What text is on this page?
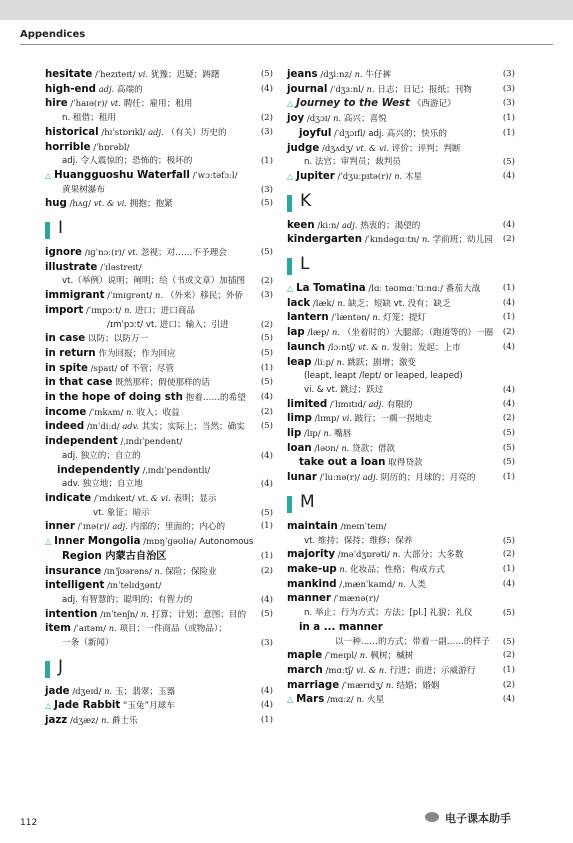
Appendices
hesitate /ˈhezɪteɪt/ vi. 犹豫；迟疑；踌躇	(5)
high-end adj. 高端的	(4)
hire /ˈhaɪə(r)/ vt. 聘任；雇用；租用
n. 租借；租用	(2)
historical /hɪˈstɒrɪkl/ adj. （有关）历史的	(3)
horrible /ˈhɒrəbl/
adj. 令人震惊的；恐怖的；极坏的	(1)
△ Huangguoshu Waterfall /ˈwɔːtəfɔːl/
黄果树瀑布	(3)
hug /hʌɡ/ vt. & vi. 拥抱；抱紧	(5)
I
ignore /ɪɡˈnɔː(r)/ vt. 忽视；对……不予理会	(5)
illustrate /ˈɪləstreɪt/
vt.（举例）说明；阐明；给（书或文章）加插图 (2)
immigrant /ˈɪmɪɡrənt/ n. （外来）移民；外侨 (3)
import /ˈɪmpɔːt/ n. 进口；进口商品
/ɪmˈpɔːt/ vt. 进口；输入；引进	(2)
in case 以防；以防万一	(5)
in return 作为回报；作为回应	(5)
in spite /spaɪt/ of 不管；尽管	(1)
in that case 既然那样；假使那样的话	(5)
in the hope of doing sth 抱着……的希望 (4)
income /ˈɪnkʌm/ n. 收入；收益	(2)
indeed /ɪnˈdiːd/ adv. 其实；实际上；当然；确实 (5)
independent /ˌɪndɪˈpendənt/
adj. 独立的；自立的	(4)
independently /ˌɪndɪˈpendəntli/
adv. 独立地；自立地	(4)
indicate /ˈɪndɪkeɪt/ vt. & vi. 表明；显示
vt. 象征；暗示	(5)
inner /ˈɪnə(r)/ adj. 内部的；里面的；内心的	(1)
△ Inner Mongolia /mɒŋˈɡəʊliə/ Autonomous
Region 内蒙古自治区	(1)
insurance /ɪnˈʃʊərəns/ n. 保险；保险业	(2)
intelligent /ɪnˈtelɪdʒənt/
adj. 有智慧的；聪明的；有智力的	(4)
intention /ɪnˈtenʃn/ n. 打算；计划；意图；目的 (5)
item /ˈaɪtəm/ n. 项目；一件商品（或物品）；
一条（新闻）	(3)
J
jade /dʒeɪd/ n. 玉；翡翠；玉器	(4)
△ Jade Rabbit “玉兔”月球车	(4)
jazz /dʒæz/ n. 爵士乐	(1)
jeans /dʒiːnz/ n. 牛仔裤	(3)
journal /ˈdʒɜːnl/ n. 日志；日记；报纸；刊物	(3)
△ Journey to the West 《西游记》	(3)
joy /dʒɔɪ/ n. 高兴；喜悦	(1)
joyful /ˈdʒɔɪfl/ adj. 高兴的；快乐的	(1)
judge /dʒʌdʒ/ vt. & vi. 评价；评判；判断
n. 法官；审判员；裁判员	(5)
△ Jupiter /ˈdʒuːpɪtə(r)/ n. 木星	(4)
K
keen /kiːn/ adj. 热衷的；渴望的	(4)
kindergarten /ˈkɪndəɡɑːtn/ n. 学前班；幼儿园 (2)
L
△ La Tomatina /lɑː təʊmɑːˈtiːnɑː/ 番茄大战	(1)
lack /læk/ n. 缺乏；短缺 vt. 没有；缺乏	(4)
lantern /ˈlæntən/ n. 灯笼；提灯	(1)
lap /læp/ n. （坐着时的）大腿部；（跑道等的）一圈 (2)
launch /lɔːntʃ/ vt. & n. 发射；发起；上市	(4)
leap /liːp/ n. 跳跃；剧增；激变
(leapt, leapt /lept/ or leaped, leaped)
vi. & vt. 跳过；跃过	(4)
limited /ˈlɪmɪtɪd/ adj. 有限的	(4)
limp /lɪmp/ vi. 跛行；一瘸一拐地走	(2)
lip /lɪp/ n. 嘴唇	(5)
loan /ləʊn/ n. 贷款；借款	(5)
take out a loan 取得贷款	(5)
lunar /ˈluːnə(r)/ adj. 阴历的；月球的；月亮的	(1)
M
maintain /meɪnˈteɪn/
vt. 维持；保持；维修；保养	(5)
majority /məˈdʒɒrəti/ n. 大部分；大多数	(2)
make-up n. 化妆品；性格；构成方式	(1)
mankind /ˌmænˈkaɪnd/ n. 人类	(4)
manner /ˈmænə(r)/
n. 举止；行为方式；方法；[pl.] 礼貌；礼仪	(5)
in a ... manner
以一种……的方式；带着一副……的样子 (5)
maple /ˈmeɪpl/ n. 枫树；槭树	(2)
march /mɑːtʃ/ vi. & n. 行进；前进；示威游行	(1)
marriage /ˈmærɪdʒ/ n. 结婚；婚姻	(2)
△ Mars /mɑːz/ n. 火星	(4)
112	电子课本助手
